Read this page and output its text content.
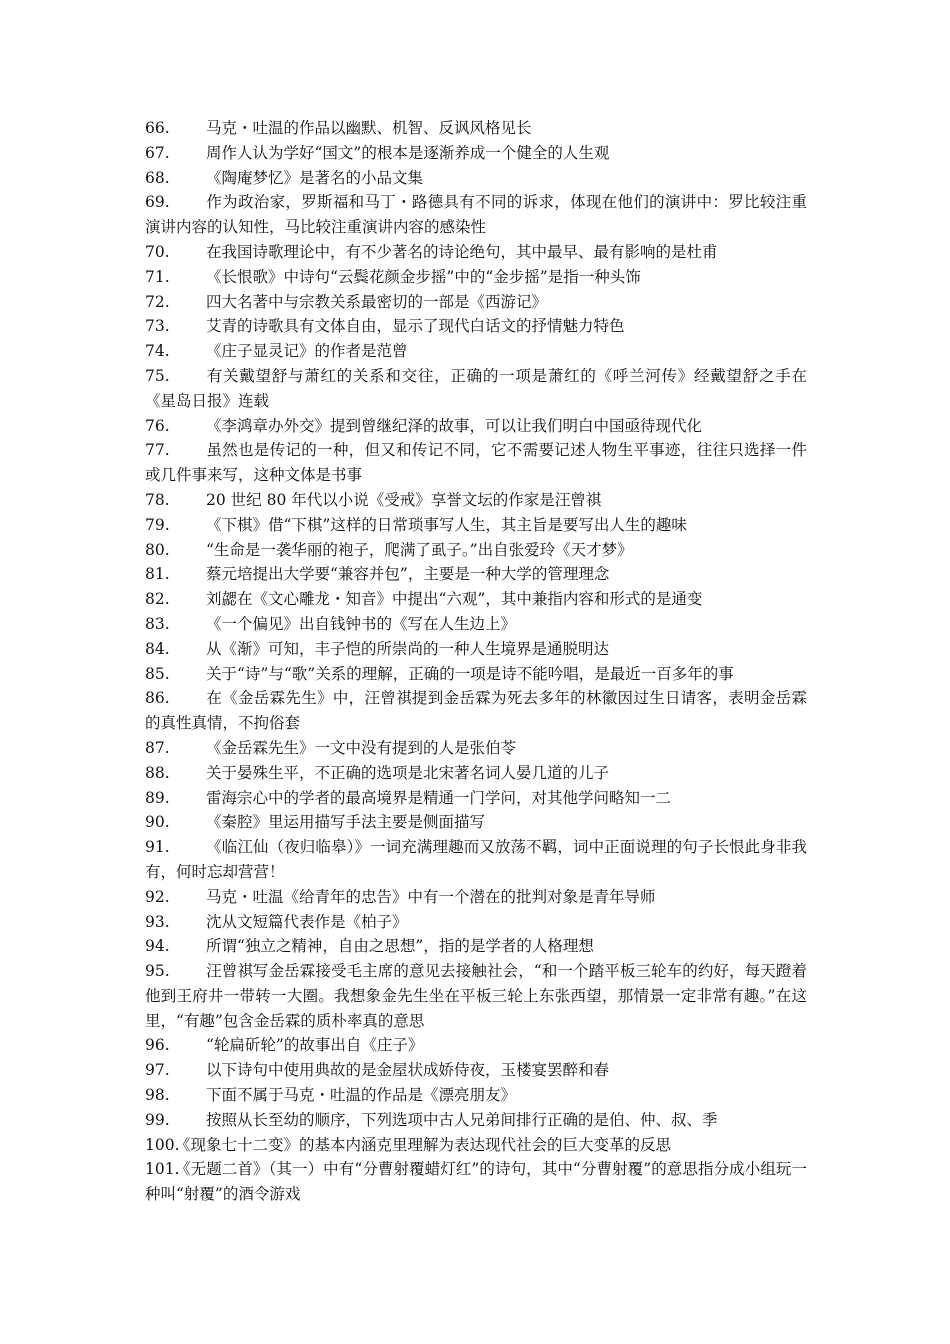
66. 马克・吐温的作品以幽默、机智、反讽风格见长

67. 周作人认为学好“国文”的根本是逐渐养成一个健全的人生观

68. 《陶庵梦忆》是著名的小品文集

69. 作为政治家，罗斯福和马丁・路德具有不同的诉求，体现在他们的演讲中：罗比较注重演讲内容的认知性，马比较注重演讲内容的感染性

70. 在我国诗歌理论中，有不少著名的诗论绝句，其中最早、最有影响的是杜甫

71. 《长恨歌》中诗句“云鬓花颜金步摇”中的“金步摇”是指一种头饰

72. 四大名著中与宗教关系最密切的一部是《西游记》

73. 艾青的诗歌具有文体自由，显示了现代白话文的抒情魅力特色

74. 《庄子显灵记》的作者是范曾

75. 有关戴望舒与萧红的关系和交往，正确的一项是萧红的《呼兰河传》经戴望舒之手在《星岛日报》连载

76. 《李鸿章办外交》提到曾继纪泽的故事，可以让我们明白中国亟待现代化

77. 虽然也是传记的一种，但又和传记不同，它不需要记述人物生平事迹，往往只选择一件或几件事来写，这种文体是书事

78. 20 世纪 80 年代以小说《受戒》享誉文坛的作家是汪曾祺

79. 《下棋》借“下棋”这样的日常琐事写人生，其主旨是要写出人生的趣味

80. “生命是一袭华丽的袍子，爬满了虱子。”出自张爱玲《天才梦》

81. 蔡元培提出大学要“兼容并包”，主要是一种大学的管理理念

82. 刘勰在《文心雕龙・知音》中提出“六观”，其中兼指内容和形式的是通变

83. 《一个偏见》出自钱钟书的《写在人生边上》

84. 从《渐》可知，丰子恺的所崇尚的一种人生境界是通脱明达

85. 关于“诗”与“歌”关系的理解，正确的一项是诗不能吟唱，是最近一百多年的事

86. 在《金岳霖先生》中，汪曾祺提到金岳霖为死去多年的林徽因过生日请客，表明金岳霖的真性真情，不拘俗套

87. 《金岳霖先生》一文中没有提到的人是张伯苓

88. 关于晏殊生平，不正确的选项是北宋著名词人晏几道的儿子

89. 雷海宗心中的学者的最高境界是精通一门学问，对其他学问略知一二

90. 《秦腔》里运用描写手法主要是侧面描写

91. 《临江仙（夜归临皋）》一词充满理趣而又放荡不羁，词中正面说理的句子长恨此身非我有，何时忘却营营！

92. 马克・吐温《给青年的忠告》中有一个潜在的批判对象是青年导师

93. 沈从文短篇代表作是《柏子》

94. 所谓“独立之精神，自由之思想”，指的是学者的人格理想

95. 汪曾祺写金岳霖接受毛主席的意见去接触社会，“和一个踏平板三轮车的约好，每天蹬着他到王府井一带转一大圈。我想象金先生坐在平板三轮上东张西望，那情景一定非常有趣。”在这里，“有趣”包含金岳霖的质朴率真的意思

96. “轮扁斫轮”的故事出自《庄子》

97. 以下诗句中使用典故的是金屋状成娇侍夜，玉楼宴罢醉和春

98. 下面不属于马克・吐温的作品是《漂亮朋友》

99. 按照从长至幼的顺序，下列选项中古人兄弟间排行正确的是伯、仲、叔、季

100.《现象七十二变》的基本内涵克里理解为表达现代社会的巨大变革的反思

101.《无题二首》（其一）中有“分曹射覆蜡灯红”的诗句，其中“分曹射覆”的意思指分成小组玩一种叫“射覆”的酒令游戏
